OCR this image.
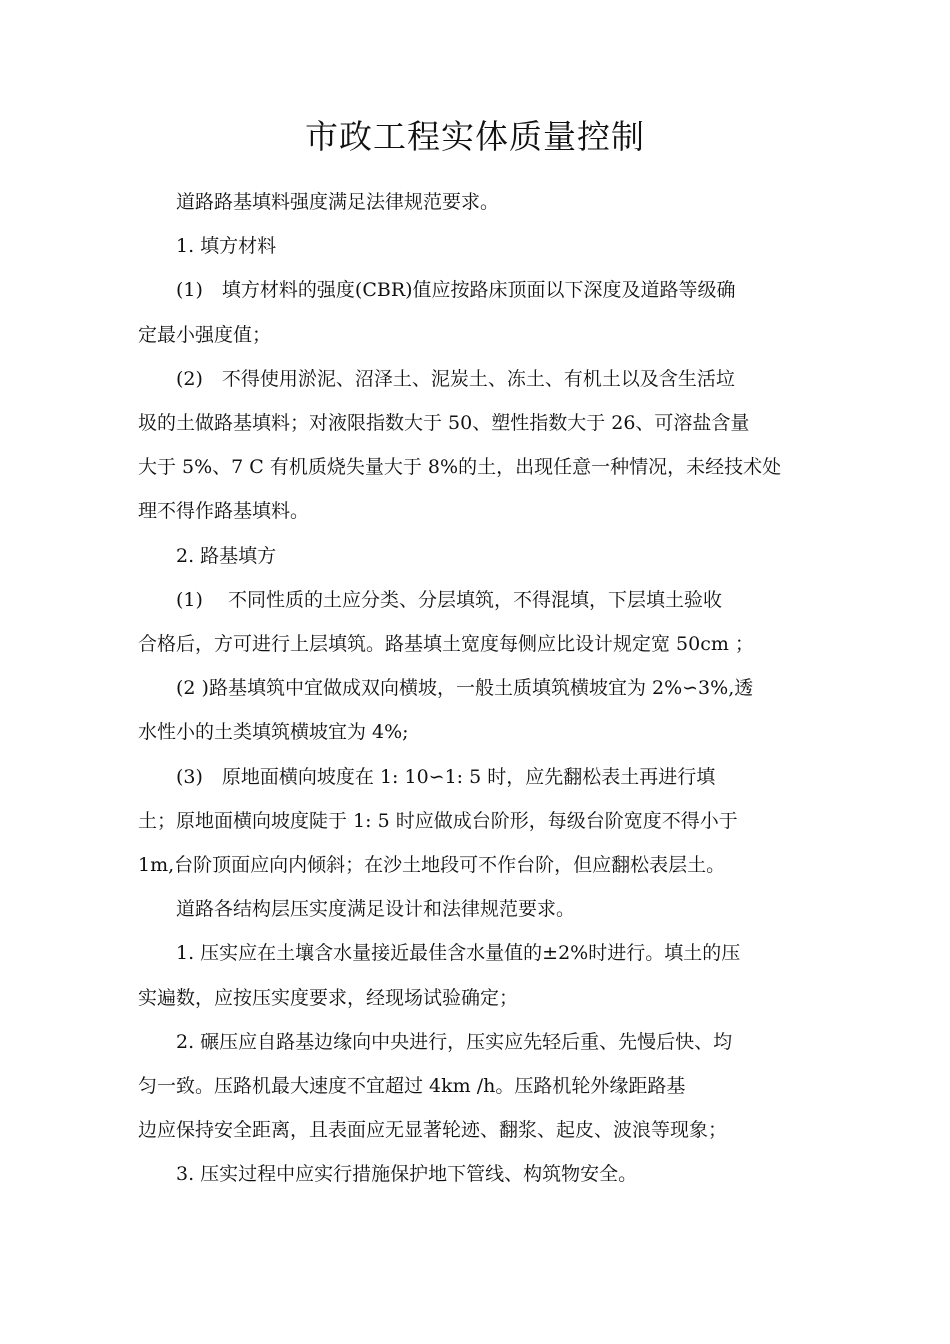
市政工程实体质量控制
道路路基填料强度满足法律规范要求。
1. 填方材料
(1)　填方材料的强度(CBR)值应按路床顶面以下深度及道路等级确
定最小强度值；
(2)　不得使用淤泥、沼泽土、泥炭土、冻土、有机土以及含生活垃
圾的土做路基填料；对液限指数大于 50、塑性指数大于 26、可溶盐含量
大于 5%、7 C 有机质烧失量大于 8%的土，出现任意一种情况，未经技术处
理不得作路基填料。
2. 路基填方
(1)　 不同性质的土应分类、分层填筑，不得混填，下层填土验收
合格后，方可进行上层填筑。路基填土宽度每侧应比设计规定宽 50cm ；
(2 )路基填筑中宜做成双向横坡，一般土质填筑横坡宜为 2%∽3%,透
水性小的土类填筑横坡宜为 4%;
(3)　原地面横向坡度在 1: 10∽1: 5 时，应先翻松表土再进行填
土；原地面横向坡度陡于 1: 5 时应做成台阶形，每级台阶宽度不得小于
1m,台阶顶面应向内倾斜；在沙土地段可不作台阶，但应翻松表层土。
道路各结构层压实度满足设计和法律规范要求。
1. 压实应在土壤含水量接近最佳含水量值的±2%时进行。填土的压
实遍数，应按压实度要求，经现场试验确定；
2. 碾压应自路基边缘向中央进行，压实应先轻后重、先慢后快、均
匀一致。压路机最大速度不宜超过 4km /h。压路机轮外缘距路基
边应保持安全距离，且表面应无显著轮迹、翻浆、起皮、波浪等现象；
3. 压实过程中应实行措施保护地下管线、构筑物安全。
